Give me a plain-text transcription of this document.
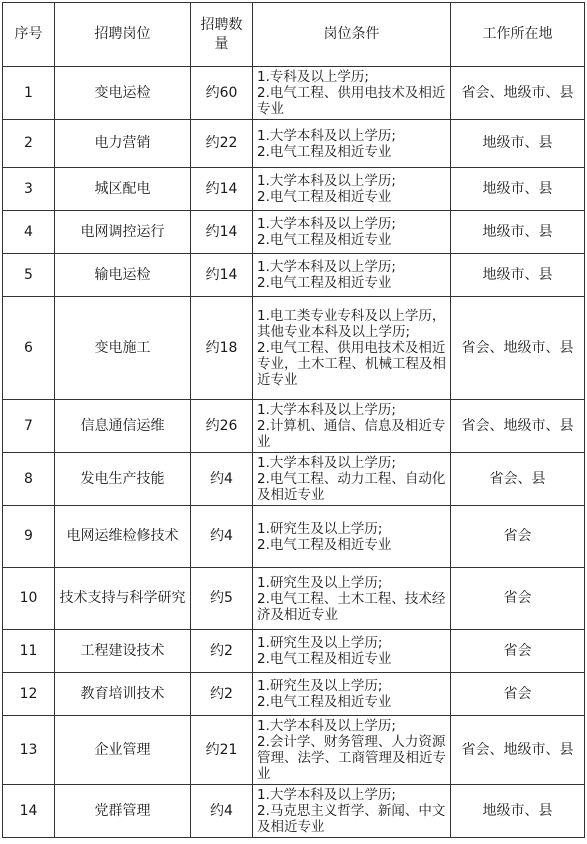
序号	招聘岗位	招聘数量	岗位条件	工作所在地
1	变电运检	约60	1.专科及以上学历;
2.电气工程、供用电技术及相近专业	省会、地级市、县
2	电力营销	约22	1.大学本科及以上学历;
2.电气工程及相近专业	地级市、县
3	城区配电	约14	1.大学本科及以上学历;
2.电气工程及相近专业	地级市、县
4	电网调控运行	约14	1.大学本科及以上学历;
2.电气工程及相近专业	地级市、县
5	输电运检	约14	1.大学本科及以上学历;
2.电气工程及相近专业	地级市、县
6	变电施工	约18	1.电工类专业专科及以上学历，其他专业本科及以上学历;
2.电气工程、供用电技术及相近专业，土木工程、机械工程及相近专业	省会、地级市、县
7	信息通信运维	约26	1.大学本科及以上学历;
2.计算机、通信、信息及相近专业	省会、地级市、县
8	发电生产技能	约4	1.大学本科及以上学历;
2.电气工程、动力工程、自动化及相近专业	省会、县
9	电网运维检修技术	约4	1.研究生及以上学历;
2.电气工程及相近专业	省会
10	技术支持与科学研究	约5	1.研究生及以上学历;
2.电气工程、土木工程、技术经济及相近专业	省会
11	工程建设技术	约2	1.研究生及以上学历;
2.电气工程及相近专业	省会
12	教育培训技术	约2	1.研究生及以上学历;
2.电气工程及相近专业	省会
13	企业管理	约21	1.大学本科及以上学历;
2.会计学、财务管理、人力资源管理、法学、工商管理及相近专业	省会、地级市、县
14	党群管理	约4	1.大学本科及以上学历;
2.马克思主义哲学、新闻、中文及相近专业	地级市、县
